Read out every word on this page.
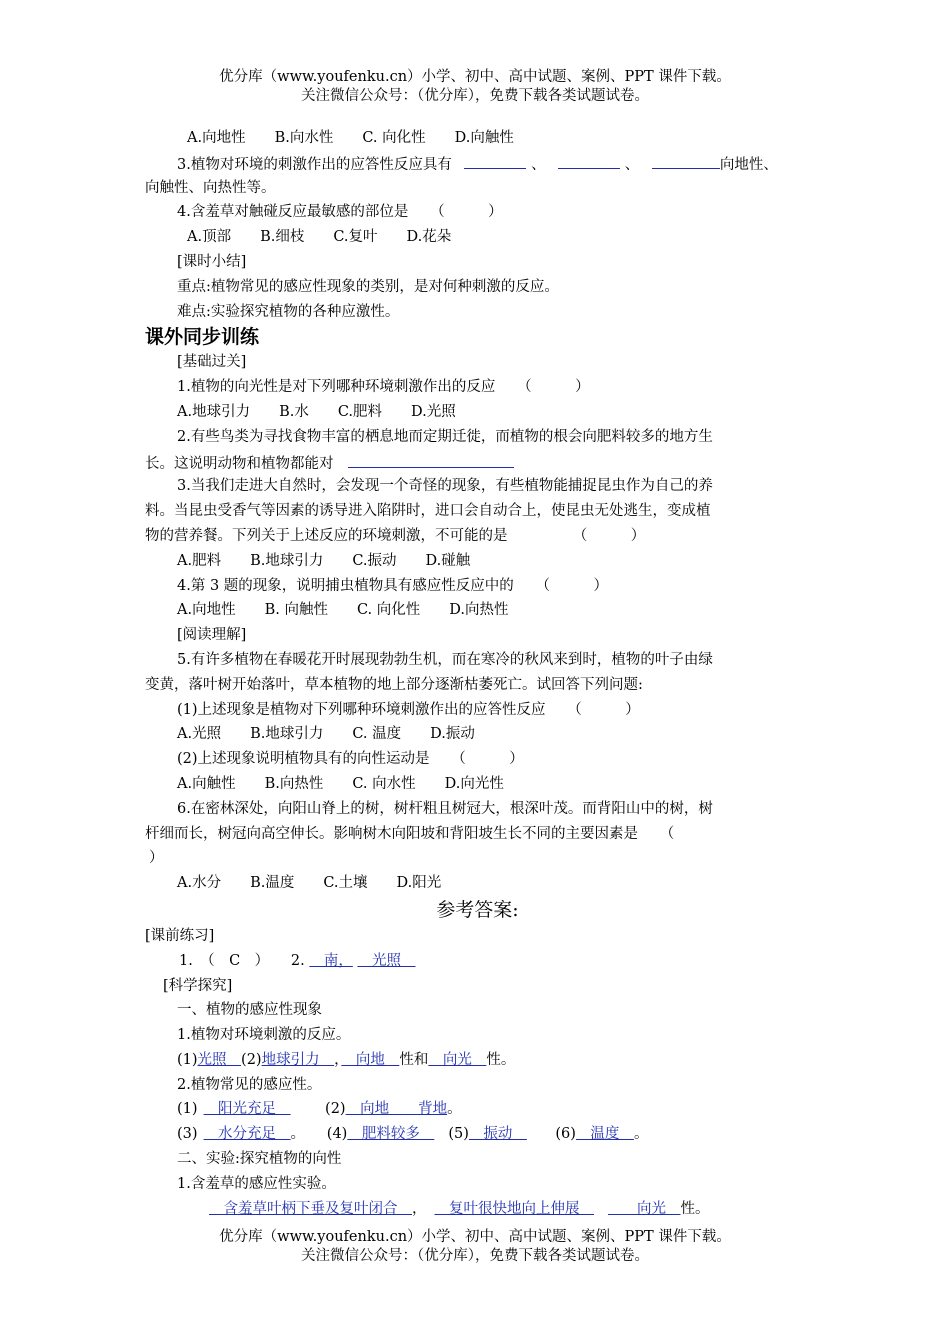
优分库（www.youfenku.cn）小学、初中、高中试题、案例、PPT 课件下载。
关注微信公众号：（优分库），免费下载各类试题试卷。
A.向地性　　B.向水性　　C. 向化性　　D.向触性
3.植物对环境的刺激作出的应答性反应具有	、	、	向地性、
向触性、向热性等。
4.含羞草对触碰反应最敏感的部位是　　（　　　）
A.顶部　　B.细枝　　C.复叶　　D.花朵
[课时小结]
重点:植物常见的感应性现象的类别，是对何种刺激的反应。
难点:实验探究植物的各种应激性。
课外同步训练
[基础过关]
1.植物的向光性是对下列哪种环境刺激作出的反应　　（　　　）
A.地球引力　　B.水　　C.肥料　　D.光照
2.有些鸟类为寻找食物丰富的栖息地而定期迁徙，而植物的根会向肥料较多的地方生
长。这说明动物和植物都能对
3.当我们走进大自然时，会发现一个奇怪的现象，有些植物能捕捉昆虫作为自己的养
料。当昆虫受香气等因素的诱导进入陷阱时，进口会自动合上，使昆虫无处逃生，变成植
物的营养餐。下列关于上述反应的环境刺激，不可能的是　　　　　（　　　）
A.肥料　　B.地球引力　　C.振动　　D.碰触
4.第 3 题的现象，说明捕虫植物具有感应性反应中的　　（　　　）
A.向地性　　B. 向触性　　C. 向化性　　D.向热性
[阅读理解]
5.有许多植物在春暖花开时展现勃勃生机，而在寒冷的秋风来到时，植物的叶子由绿
变黄，落叶树开始落叶，草本植物的地上部分逐渐枯萎死亡。试回答下列问题:
(1)上述现象是植物对下列哪种环境刺激作出的应答性反应　　（　　　）
A.光照　　B.地球引力　　C. 温度　　D.振动
(2)上述现象说明植物具有的向性运动是　　（　　　）
A.向触性　　B.向热性　　C. 向水性　　D.向光性
6.在密林深处，向阳山脊上的树，树杆粗且树冠大，根深叶茂。而背阳山中的树，树
杆细而长，树冠向高空伸长。影响树木向阳坡和背阳坡生长不同的主要因素是　　（
）
A.水分　　B.温度　　C.土壤　　D.阳光
参考答案:
[课前练习]
1.　（　C　）　　2. 　南， 　光照　
[科学探究]
一、植物的感应性现象
1.植物对环境刺激的反应。
(1)光照　(2)地球引力　，　向地　性和　向光　性。
2.植物常见的感应性。
(1)　阳光充足　　(2)　向地　　背地。
(3)　水分充足　。　　(4)　肥料较多　(5)　振动　　(6)　温度　。
二、实验:探究植物的向性
1.含羞草的感应性实验。
　含羞草叶柄下垂及复叶闭合　，　复叶很快地向上伸展　　　向光　性。
优分库（www.youfenku.cn）小学、初中、高中试题、案例、PPT 课件下载。
关注微信公众号：（优分库），免费下载各类试题试卷。
